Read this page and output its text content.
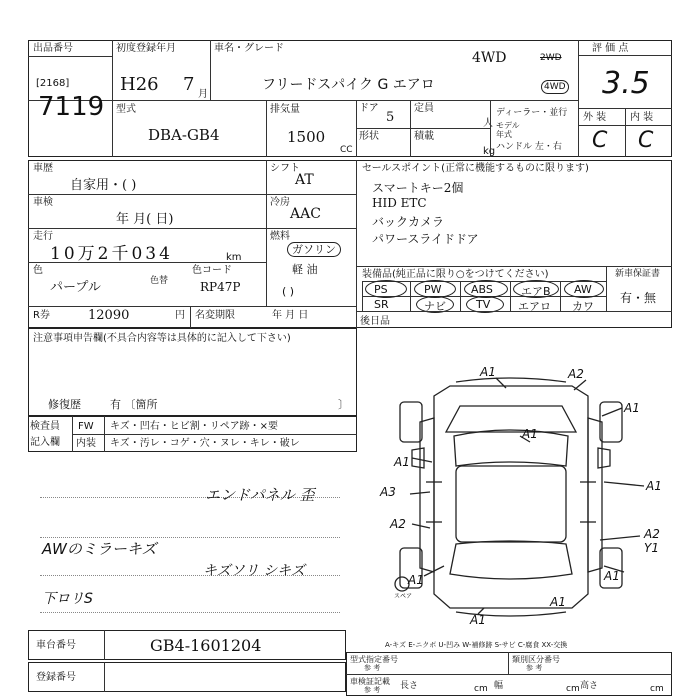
出品番号
[2168]
7119
初度登録年月
H26 7 月
車名・グレード
4WD	2WD
4WD
フリードスパイク G エアロ
評 価 点
3.5
型式
DBA-GB4
排気量
1500
CC
ドア
5
定員
人
形状	積載
kg
ディーラー・並行
モデル
年式
ハンドル 左・右
外 装 内 装
C C
車歴
自家用・( )
車検
年 月( 日)
走行
10万2千034	km
色
パープル	色替
色コード
RP47P
シフト
AT
冷房
AAC
燃料
ガソリン
軽 油
( )
R券	12090	円 名変期限	年 月 日
セールスポイント(正常に機能するものに限ります)
スマートキー2個
HID ETC
バックカメラ
パワースライドドア
装備品(純正品に限り○をつけてください)
PS	PW	ABS	エアB AW
SR	ナビ	TV	エアロ カワ
新車保証書
有・無
後日品
注意事項申告欄(不具合内容等は具体的に記入して下さい)
修復歴	有 〔箇所	〕
検査員
記入欄
FW キズ・凹右・ヒビ割・リペア跡・×要
内装 キズ・汚レ・コゲ・穴・ヌレ・キレ・破レ
エンドパネル 歪
AWのミラーキズ
キズソリ シキズ
下ロリS
A1	A2
A1
A1
A1
A3
A2
A1
A2
Y1
A1	A1
A1
A1
スペア
A-キズ E-ニクボ U-凹み W-補修跡 S-サビ C-腐食 XX-交換
車台番号	GB4-1601204
登録番号
型式指定番号
参 考
類別区分番号
参 考
車検証記載
参 考 長さ	cm 幅	cm 高さ	cm
